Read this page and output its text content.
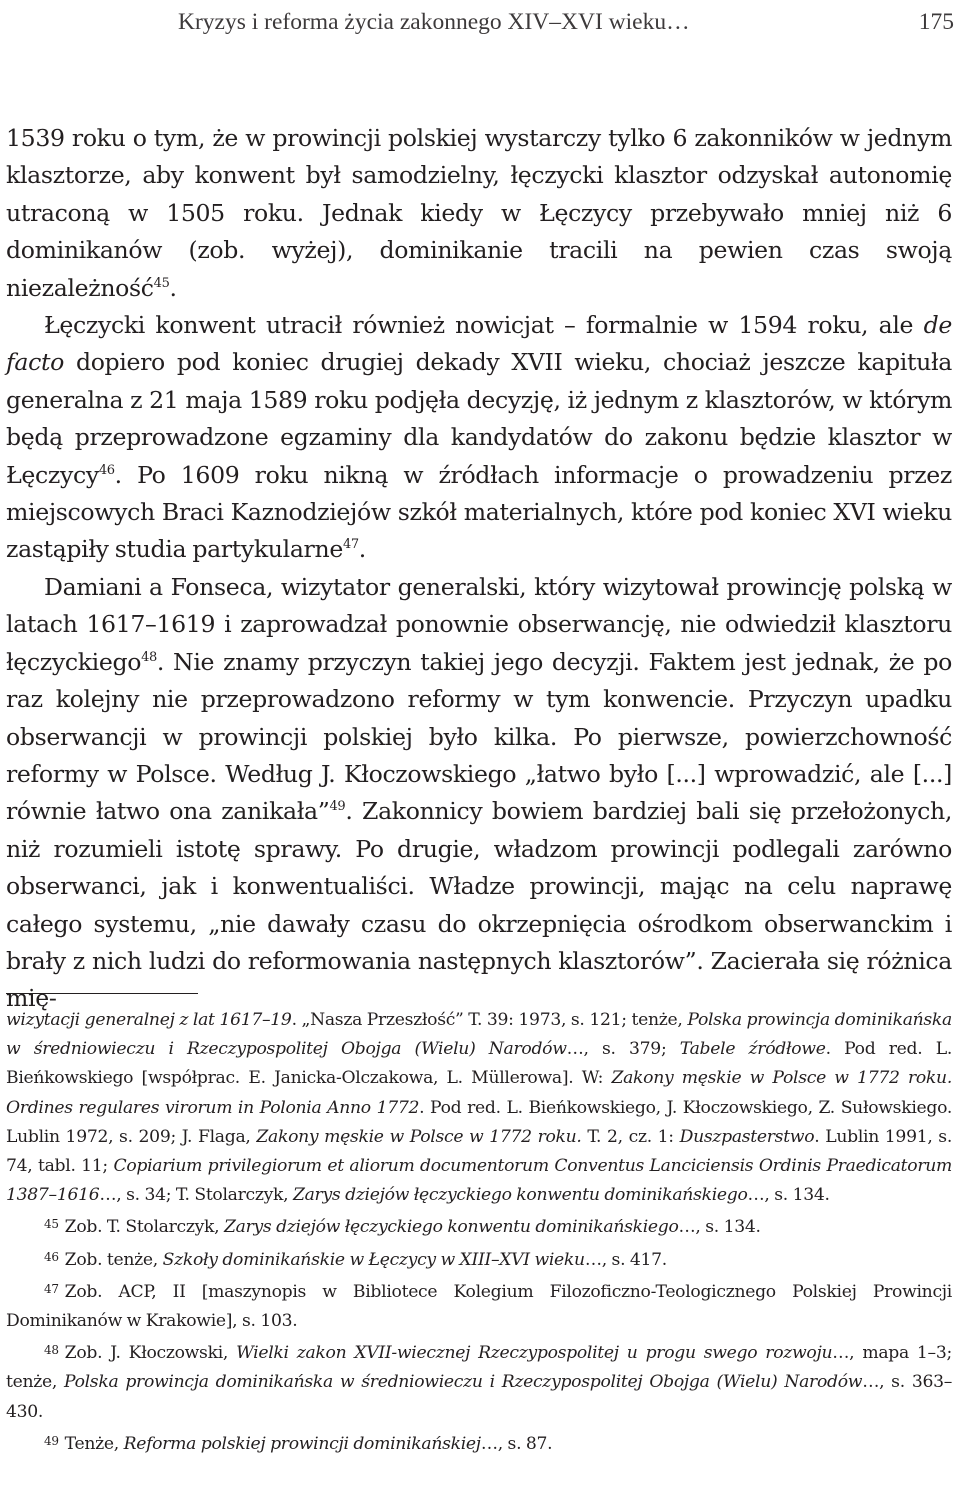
Kryzys i reforma życia zakonnego XIV–XVI wieku…	175

1539 roku o tym, że w prowincji polskiej wystarczy tylko 6 zakonników w jednym klasztorze, aby konwent był samodzielny, łęczycki klasztor odzyskał autonomię utraconą w 1505 roku. Jednak kiedy w Łęczycy przebywało mniej niż 6 dominikanów (zob. wyżej), dominikanie tracili na pewien czas swoją niezależność$^{45}$.

Łęczycki konwent utracił również nowicjat – formalnie w 1594 roku, ale de facto dopiero pod koniec drugiej dekady XVII wieku, chociaż jeszcze kapituła generalna z 21 maja 1589 roku podjęła decyzję, iż jednym z klasztorów, w którym będą przeprowadzone egzaminy dla kandydatów do zakonu będzie klasztor w Łęczycy$^{46}$. Po 1609 roku nikną w źródłach informacje o prowadzeniu przez miejscowych Braci Kaznodziejów szkół materialnych, które pod koniec XVI wieku zastąpiły studia partykularne$^{47}$.

Damiani a Fonseca, wizytator generalski, który wizytował prowincję polską w latach 1617–1619 i zaprowadzał ponownie obserwancję, nie odwiedził klasztoru łęczyckiego$^{48}$. Nie znamy przyczyn takiej jego decyzji. Faktem jest jednak, że po raz kolejny nie przeprowadzono reformy w tym konwencie. Przyczyn upadku obserwancji w prowincji polskiej było kilka. Po pierwsze, powierzchowność reformy w Polsce. Według J. Kłoczowskiego „łatwo było [...] wprowadzić, ale [...] równie łatwo ona zanikała”$^{49}$. Zakonnicy bowiem bardziej bali się przełożonych, niż rozumieli istotę sprawy. Po drugie, władzom prowincji podlegali zarówno obserwanci, jak i konwentualiści. Władze prowincji, mając na celu naprawę całego systemu, „nie dawały czasu do okrzepnięcia ośrodkom obserwanckim i brały z nich ludzi do reformowania następnych klasztorów”. Zacierała się różnica mię-

wizytacji generalnej z lat 1617–19. „Nasza Przeszłość” T. 39: 1973, s. 121; tenże, Polska prowincja dominikańska w średniowieczu i Rzeczypospolitej Obojga (Wielu) Narodów…, s. 379; Tabele źródłowe. Pod red. L. Bieńkowskiego [współprac. E. Janicka-Olczakowa, L. Müllerowa]. W: Zakony męskie w Polsce w 1772 roku. Ordines regulares virorum in Polonia Anno 1772. Pod red. L. Bieńkowskiego, J. Kłoczowskiego, Z. Sułowskiego. Lublin 1972, s. 209; J. Flaga, Zakony męskie w Polsce w 1772 roku. T. 2, cz. 1: Duszpasterstwo. Lublin 1991, s. 74, tabl. 11; Copiarium privilegiorum et aliorum documentorum Conventus Lanciciensis Ordinis Praedicatorum 1387–1616…, s. 34; T. Stolarczyk, Zarys dziejów łęczyckiego konwentu dominikańskiego…, s. 134.

$^{45}$ Zob. T. Stolarczyk, Zarys dziejów łęczyckiego konwentu dominikańskiego…, s. 134.

$^{46}$ Zob. tenże, Szkoły dominikańskie w Łęczycy w XIII–XVI wieku…, s. 417.

$^{47}$ Zob. ACP, II [maszynopis w Bibliotece Kolegium Filozoficzno-Teologicznego Polskiej Prowincji Dominikanów w Krakowie], s. 103.

$^{48}$ Zob. J. Kłoczowski, Wielki zakon XVII-wiecznej Rzeczypospolitej u progu swego rozwoju…, mapa 1–3; tenże, Polska prowincja dominikańska w średniowieczu i Rzeczypospolitej Obojga (Wielu) Narodów…, s. 363–430.

$^{49}$ Tenże, Reforma polskiej prowincji dominikańskiej…, s. 87.
